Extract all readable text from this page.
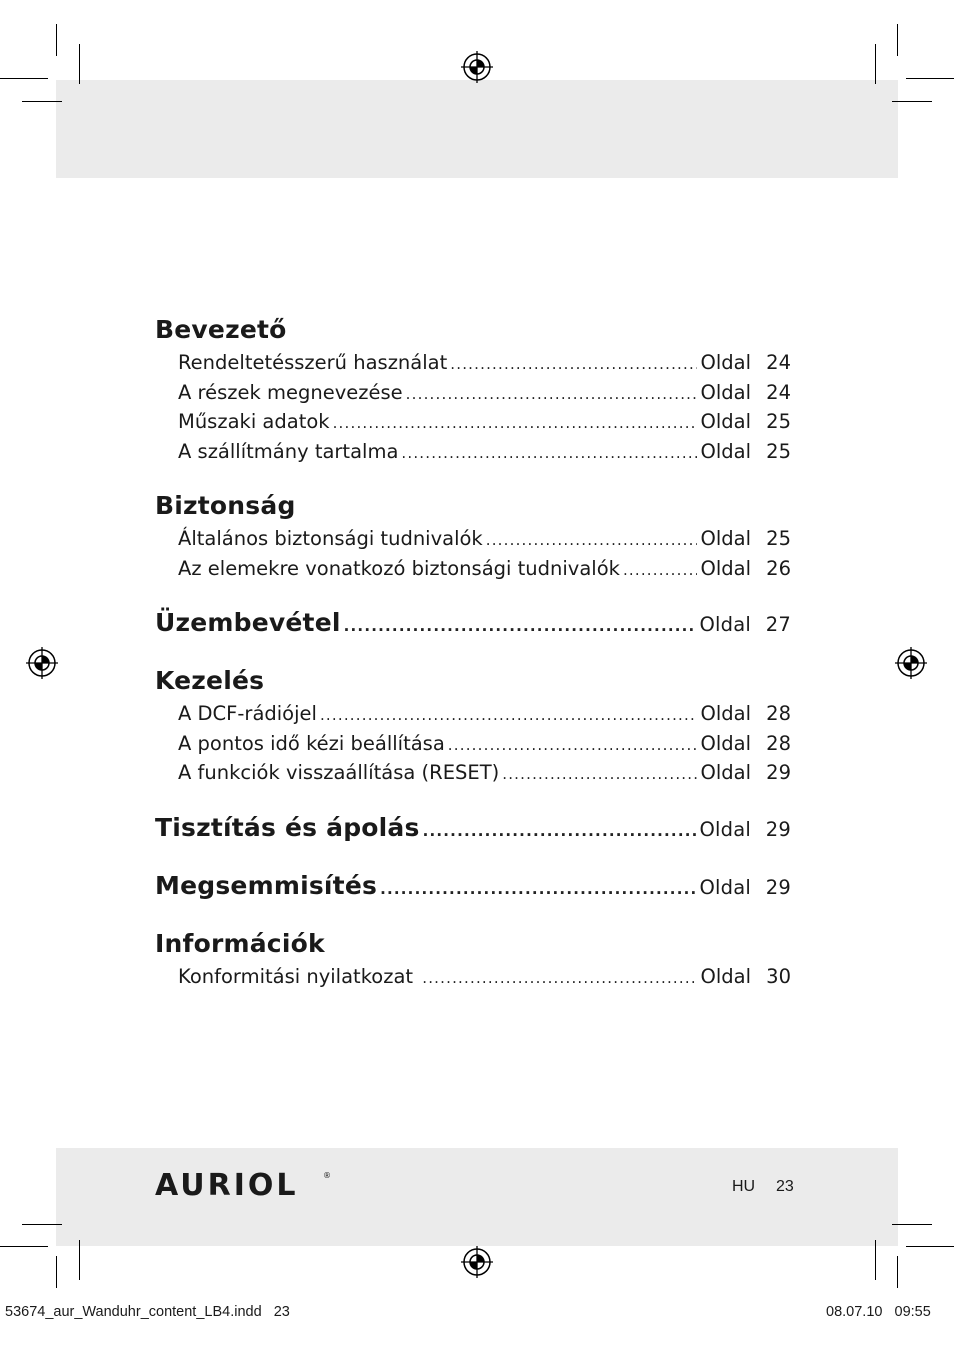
Bevezető
Rendeltetésszerű használat .....	Oldal 24
A részek megnevezése .....	Oldal 24
Műszaki adatok .....	Oldal 25
A szállítmány tartalma .....	Oldal 25
Biztonság
Általános biztonsági tudnivalók .....	Oldal 25
Az elemekre vonatkozó biztonsági tudnivalók .....	Oldal 26
Üzembevétel .....	Oldal 27
Kezelés
A DCF-rádiójel .....	Oldal 28
A pontos idő kézi beállítása .....	Oldal 28
A funkciók visszaállítása (RESET) .....	Oldal 29
Tisztítás és ápolás .....	Oldal 29
Megsemmisítés .....	Oldal 29
Információk
Konformitási nyilatkozat .....	Oldal 30
AURIOL	®
HU 23
53674_aur_Wanduhr_content_LB4.indd   23	08.07.10   09:55
